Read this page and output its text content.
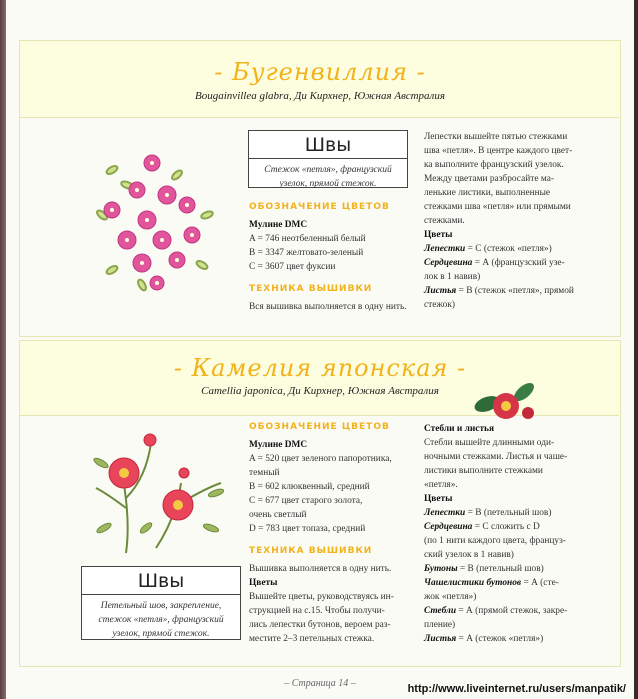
- Бугенвиллия -
Bougainvillea glabra, Ди Кирхнер, Южная Австралия
Швы
Стежок «петля», французский узелок, прямой стежок.
ОБОЗНАЧЕНИЕ ЦВЕТОВ
Мулине DMC
A = 746 неотбеленный белый
B = 3347 желтовато-зеленый
C = 3607 цвет фуксии
ТЕХНИКА ВЫШИВКИ
Вся вышивка выполняется в одну нить.
Лепестки вышейте пятью стежками
шва «петля». В центре каждого цвет-
ка выполните французский узелок.
Между цветами разбросайте ма-
ленькие листики, выполненные
стежками шва «петля» или прямыми
стежками.
Цветы
Лепестки = С (стежок «петля»)
Сердцевина = А (французский узе-
лок в 1 навив)
Листья = В (стежок «петля», прямой
стежок)
- Камелия японская -
Camellia japonica, Ди Кирхнер, Южная Австралия
Швы
Петельный шов, закрепление, стежок «петля», французский узелок, прямой стежок.
ОБОЗНАЧЕНИЕ ЦВЕТОВ
Мулине DMC
A = 520 цвет зеленого папоротника,
темный
B = 602 клюквенный, средний
C = 677 цвет старого золота,
очень светлый
D = 783 цвет топаза, средний
ТЕХНИКА ВЫШИВКИ
Вышивка выполняется в одну нить.
Цветы
Вышейте цветы, руководствуясь ин-
струкцией на с.15. Чтобы получи-
лись лепестки бутонов, вероем раз-
местите 2–3 петельных стежка.
Стебли и листья
Стебли вышейте длинными оди-
ночными стежками. Листья и чаше-
листики выполните стежками
«петля».
Цветы
Лепестки = В (петельный шов)
Сердцевина = С сложить с D
(по 1 нити каждого цвета, француз-
ский узелок в 1 навив)
Бутоны = В (петельный шов)
Чашелистики бутонов = А (сте-
жок «петля»)
Стебли = А (прямой стежок, закре-
пление)
Листья = А (стежок «петля»)
– Страница 14 –	http://www.liveinternet.ru/users/manpatik/
